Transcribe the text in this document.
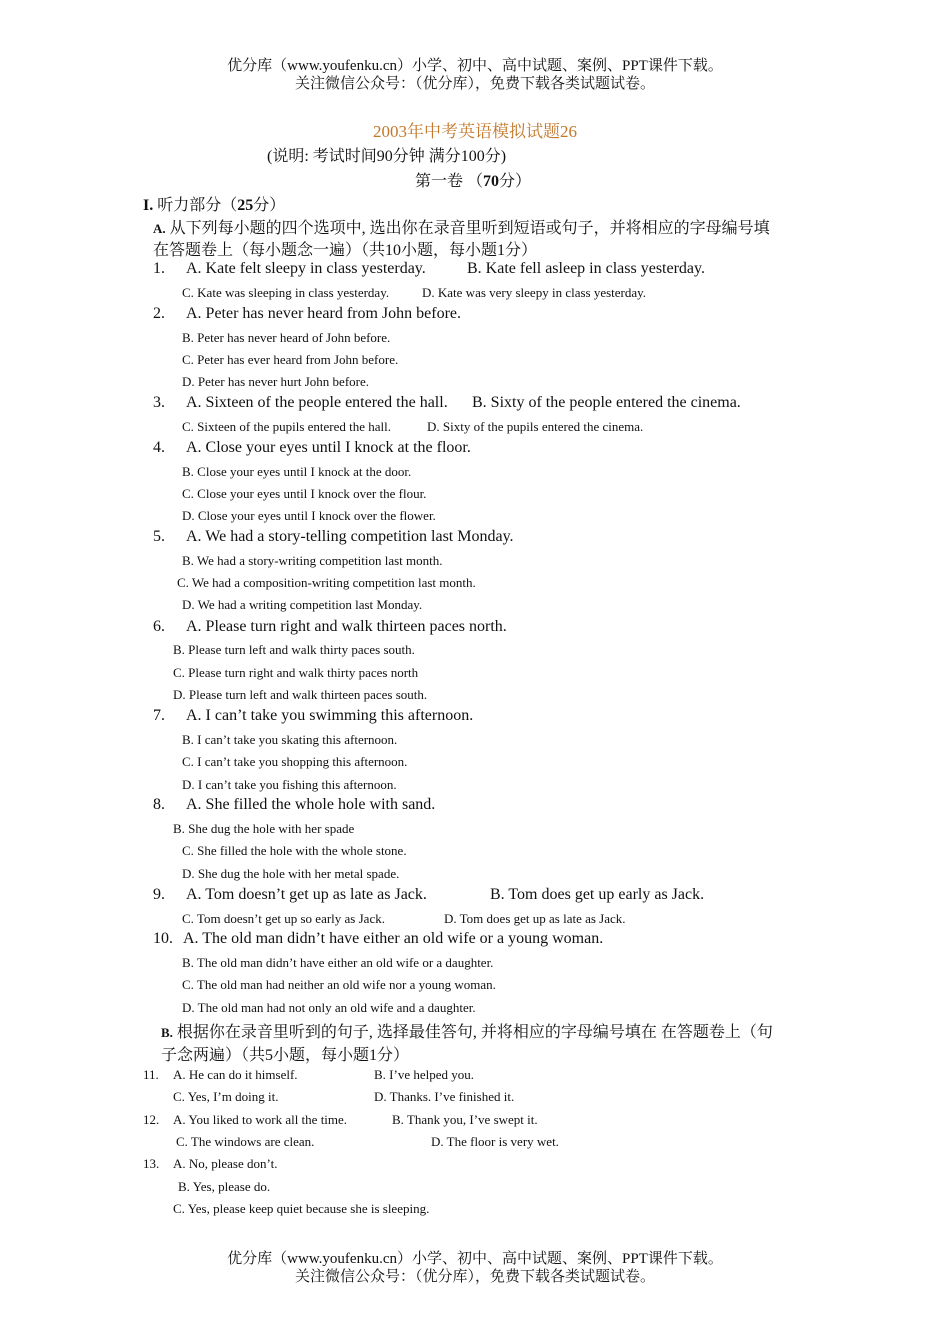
优分库（www.youfenku.cn）小学、初中、高中试题、案例、PPT课件下载。
关注微信公众号：（优分库），免费下载各类试题试卷。
2003年中考英语模拟试题26
(说明: 考试时间90分钟 满分100分)
第一卷 （70分）
I. 听力部分（25分）
A. 从下列每小题的四个选项中, 选出你在录音里听到短语或句子，并将相应的字母编号填
在答题卷上（每小题念一遍）（共10小题，每小题1分）
1. A. Kate felt sleepy in class yesterday.	B. Kate fell asleep in class yesterday.
C. Kate was sleeping in class yesterday.	D. Kate was very sleepy in class yesterday.
2. A. Peter has never heard from John before.
B. Peter has never heard of John before.
C. Peter has ever heard from John before.
D. Peter has never hurt John before.
3. A. Sixteen of the people entered the hall. B. Sixty of the people entered the cinema.
C. Sixteen of the pupils entered the hall.	D. Sixty of the pupils entered the cinema.
4. A. Close your eyes until I knock at the floor.
B. Close your eyes until I knock at the door.
C. Close your eyes until I knock over the flour.
D. Close your eyes until I knock over the flower.
5. A. We had a story-telling competition last Monday.
B. We had a story-writing competition last month.
C. We had a composition-writing competition last month.
D. We had a writing competition last Monday.
6. A. Please turn right and walk thirteen paces north.
B. Please turn left and walk thirty paces south.
C. Please turn right and walk thirty paces north
D. Please turn left and walk thirteen paces south.
7. A. I can’t take you swimming this afternoon.
B. I can’t take you skating this afternoon.
C. I can’t take you shopping this afternoon.
D. I can’t take you fishing this afternoon.
8. A. She filled the whole hole with sand.
B. She dug the hole with her spade
C. She filled the hole with the whole stone.
D. She dug the hole with her metal spade.
9. A. Tom doesn’t get up as late as Jack.	B. Tom does get up early as Jack.
C. Tom doesn’t get up so early as Jack.	D. Tom does get up as late as Jack.
10. A. The old man didn’t have either an old wife or a young woman.
B. The old man didn’t have either an old wife or a daughter.
C. The old man had neither an old wife nor a young woman.
D. The old man had not only an old wife and a daughter.
B. 根据你在录音里听到的句子, 选择最佳答句, 并将相应的字母编号填在 在答题卷上（句
子念两遍）（共5小题，每小题1分）
11. A. He can do it himself.	B. I’ve helped you.
C. Yes, I’m doing it.	D. Thanks. I’ve finished it.
12. A. You liked to work all the time.	B. Thank you, I’ve swept it.
C. The windows are clean.	D. The floor is very wet.
13. A. No, please don’t.
B. Yes, please do.
C. Yes, please keep quiet because she is sleeping.
优分库（www.youfenku.cn）小学、初中、高中试题、案例、PPT课件下载。
关注微信公众号：（优分库），免费下载各类试题试卷。
